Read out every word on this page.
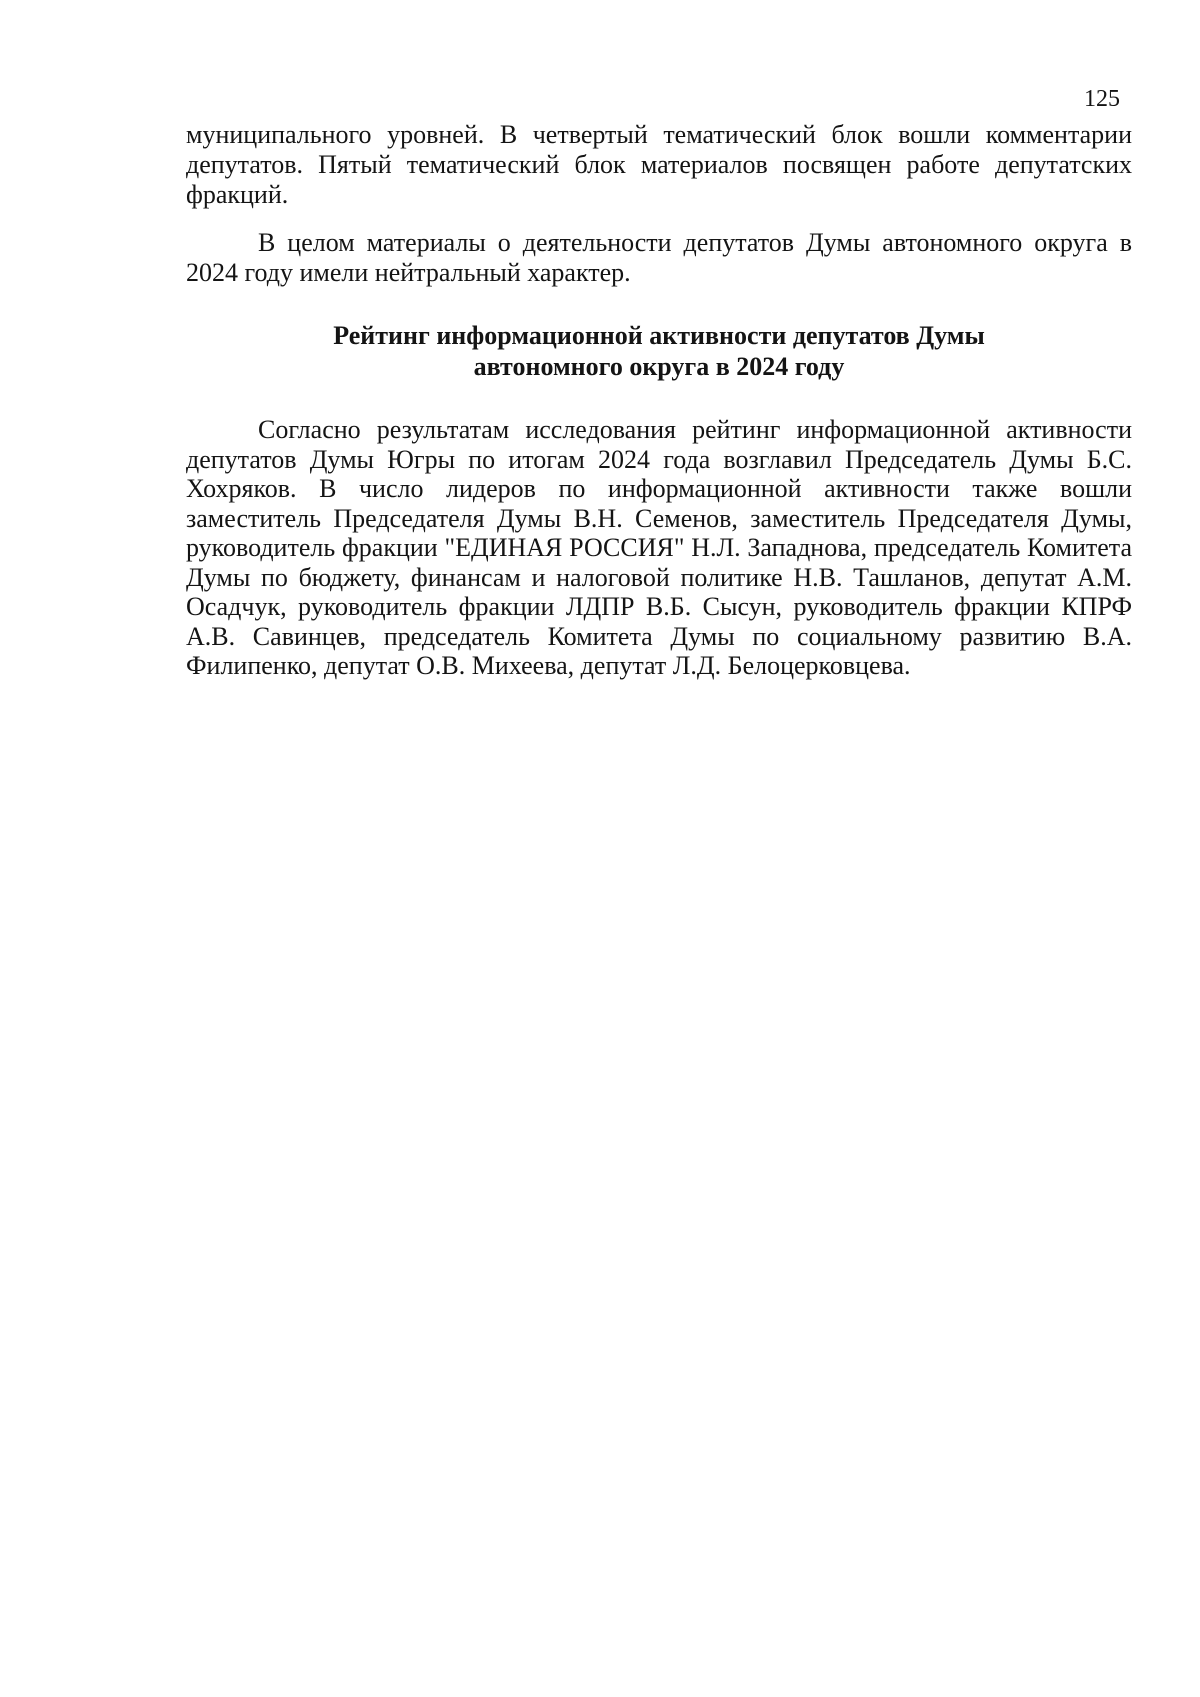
125

муниципального уровней. В четвертый тематический блок вошли комментарии депутатов. Пятый тематический блок материалов посвящен работе депутатских фракций.

В целом материалы о деятельности депутатов Думы автономного округа в 2024 году имели нейтральный характер.

Рейтинг информационной активности депутатов Думы
автономного округа в 2024 году

Согласно результатам исследования рейтинг информационной активности депутатов Думы Югры по итогам 2024 года возглавил Председатель Думы Б.С. Хохряков. В число лидеров по информационной активности также вошли заместитель Председателя Думы В.Н. Семенов, заместитель Председателя Думы, руководитель фракции "ЕДИНАЯ РОССИЯ" Н.Л. Западнова, председатель Комитета Думы по бюджету, финансам и налоговой политике Н.В. Ташланов, депутат А.М. Осадчук, руководитель фракции ЛДПР В.Б. Сысун, руководитель фракции КПРФ А.В. Савинцев, председатель Комитета Думы по социальному развитию В.А. Филипенко, депутат О.В. Михеева, депутат Л.Д. Белоцерковцева.
